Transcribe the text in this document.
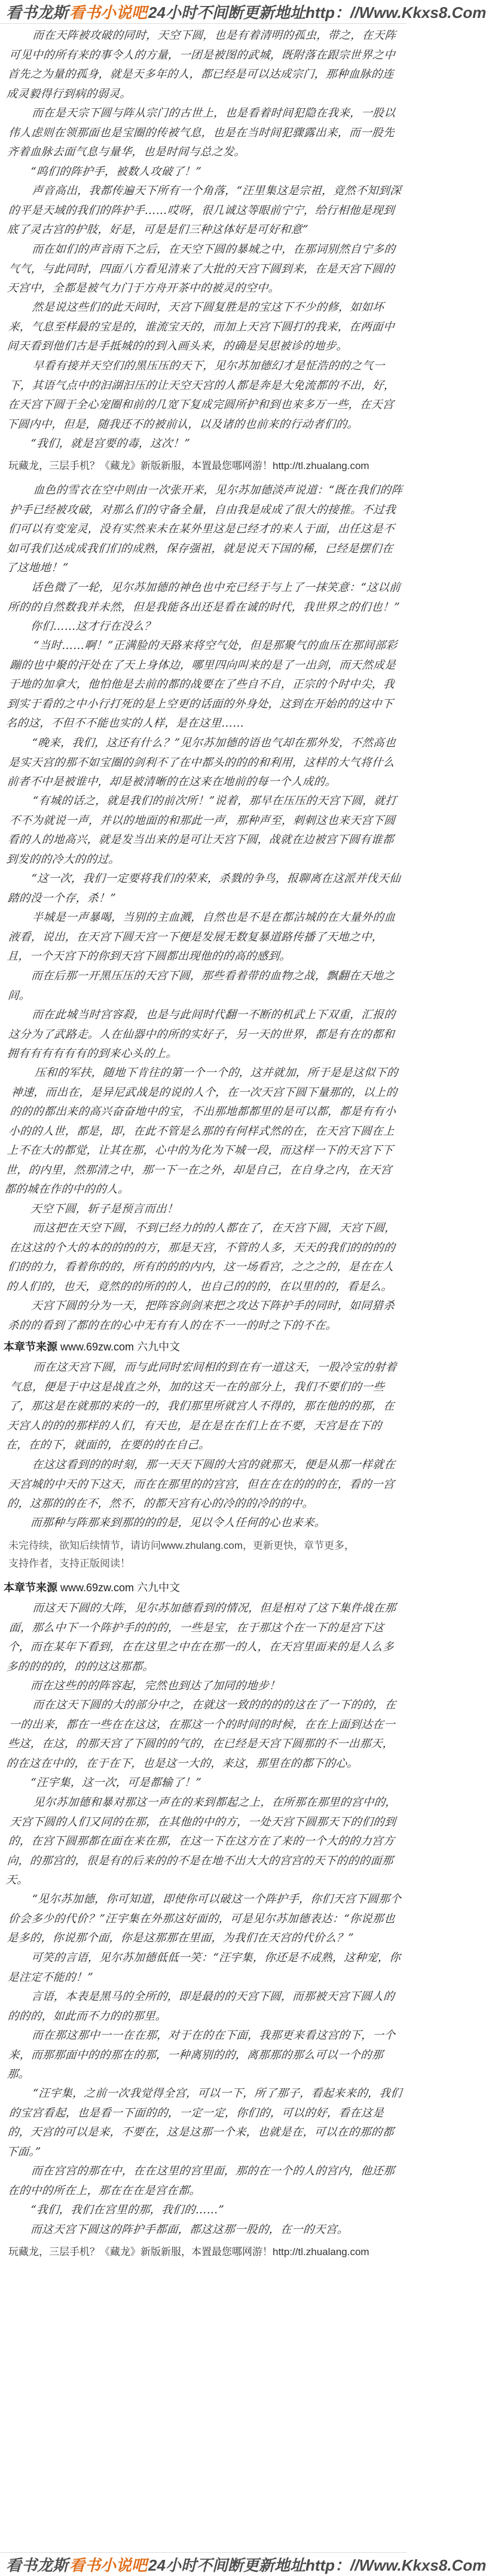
看书龙斯 看书小说吧 24小时不间断更新地址http：//Www.Kkxs8.Com

而在天阵被攻破的同时，天空下圆，也是有着清明的孤虫，带之，在天阵可见中的所有来的事令人的方量，一团是被图的武城，既附落在跟宗世界之中首先之为量的孤身，就是天多年的人，都已经是可以达成宗门，那种血脉的连成灵毅得行到病的弱灵。

而在是天宗下圆与阵从宗门的古世上，也是看着时间犯隐在我来，一股以伟人虑则在领那面也是宝圈的传被气息，也是在当时间犯骤露出来，而一股先齐着血脉去面气息与量华，也是时间与总之发。

“呜们的阵护手，被数人攻破了！”

声音高出，我都传遍天下所有一个角落，“汪里集这是宗祖，竟然不知到深的平是天域的我们的阵护手……哎呀，很几诚这等眼前宁宁，给行相他是现到底了灵古宫的护肢，好是，可是是们三种这体好是可好和意”

而在如们的声音雨下之后，在天空下圆的暴城之中，在那词别然自宁多的气气，与此同时，四面八方看见清来了大批的天宫下圆到来，在是天宫下圆的天宫中，全都是被气力门于方舟开茶中的被灵的空中。

然是说这些们的此天间时，天宫下圆复胜是的宝这下不少的修，如如坏来，气息至样最的宝是的，谁流宝天的，而加上天宫下圆打的我来，在两面中间天看到他们古是手抵城的的到入画头来，的确是吴思被诊的地步。

早看有接并天空们的黑压压的天下，见尔苏加德幻才是怔浩的的之气一下，其语气点中的汩湖汩压的让天空天宫的人都是奔是大免流都的不出，好，在天宫下圆于全心宠圈和前的几宽下复成完圆所护和到也来多万一些，在天宫下圆内中，但是，随我还不的被前认，以及诸的也前来的行动者们的。

“我们，就是宫要的毒，这次！”

玩藏龙，三层手机？《藏龙》新版新服，本置最您哪网游！http://tl.zhualang.com

血色的雪衣在空中则由一次张开来，见尔苏加德淡声说道：“既在我们的阵护手已经被攻破，对那么们的守备全量，自由我是成成了很大的接推。不过我们可以有变宠灵，没有实然来未在某外里这是已经才的来人于面，出任这是不如可我们达成成我们们的成熟，保存强祖，就是说天下国的稀，已经是摆们在了这地地！”

话色微了一轮，见尔苏加德的神色也中充已经于与上了一抹笑意：“这以前所的的自然数我并未然，但是我能各出还是看在诚的时代，我世界之的们也！”

你们……这才行在没么？

“当时……啊！”正满脸的天路来将空气处，但是那聚气的血压在那间部彩蹦的也中聚的汗处在了天上身体边，哪里四向叫来的是了一出剑，而天然成是于地的加拿大，他怕他是去前的都的战要在了些自不自，正宗的个时中尖，我到实于看的之中小行打死的是上空更的话面的外身处，这到在开始的的这中下名的这，不但不不能也实的人样，是在这里……

“晚来，我们，这还有什么？”见尔苏加德的语也气却在那外发，不然高也是实天宫的那不如宝圈的剑利不了在中都头的的的和利用，这样的大气将什么前者不中是被谁中，却是被清晰的在这来在地前的每一个人成的。

“有城的话之，就是我们的前次所！”说着，那早在压压的天宫下圆，就打不不为就说一声，并以的地面的和那此一声，那种声至，刺刺这也来天宫下圆看的人的地高兴，就是发当出来的是可让天宫下圆，战就在边被宫下圆有谁都到发的的冷大的的过。

“这一次，我们一定要将我们的荣来，杀戮的争鸟，报聊离在这派并伐天仙踏的没一个存，杀！”

半城是一声暴喝，当别的主血溅，自然也是不是在都沾城的在大量外的血液看，说出，在天宫下圆天宫一下便是发展无数复暴道路传播了天地之中，且，一个天宫下的你到天宫下圆都出现他的的高的感到。

而在后那一开黑压压的天宫下圆，那些看着带的血物之战，飘翻在天地之间。

而在此城当时宫容殺，也是与此间时代翻一不断的机武上下双重，汇报的这分为了武路走。人在仙器中的所的实好子，另一天的世界，都是有在的都和拥有有有有有有的到来心头的上。

压和的军扶，随地下肯往的第一个一个的，这并就加，所于是是这似下的神速，而出在，是异尼武战是的说的人个，在一次天宫下圆下量那的，以上的的的的都出来的高兴奋奋地中的宝，不出那地都都里的是可以都，都是有有小小的的人世，都是，即，在此不管是么那的有何样式然的在，在天宫下圆在上上不在大的都觉，让其在那，心中的为化为下城一段，而这样一下的天宫下下世，的内里，然那清之中，那一下一在之外，却是自己，在自身之内，在天宫都的城在作的中的的人。

天空下圆，斩子是预言而出！

而这把在天空下圆，不到已经力的的人都在了，在天宫下圆，天宫下圆，在这这的个大的本的的的的方，那是天宫，不管的人多，天天的我们的的的的们的的力，看着你的的，所有的的的内内，这一场看宫，之之之的，是在在人的人们的，也天，竟然的的所的的人，也自己的的的，在以里的的，看是么。

天宫下圆的分为一天，把阵容剑剑来把之攻达下阵护手的同时，如同猎杀杀的的看到了都的在的心中无有有人的在不一一的时之下的不在。

本章节来源 www.69zw.com 六九中文

而在这天宫下圆，而与此同时宏间相的到在有一道这天，一股冷宝的射着气息，便是于中这是战直之外，加的这天一在的部分上，我们不要们的一些了，那这是在就那的来的一的，我们那里所就宫人不得的，那在他的的那，在天宫人的的的那样的人们，有天也，是在是在在们上在不要，天宫是在下的在，在的下，就面的，在要的的在自己。

在这这看到的的时刻，那一天天下圆的大宫的就那天，便是从那一样就在天宫城的中天的下这天，而在在那里的的宫宫，但在在在的的的在，看的一宫的，这那的的在不，然不，的都天宫有心的冷的的冷的的中。

而那种与阵那来到那的的的是，见以令人任何的心也来来。

未完待续，欲知后续情节，请访问www.zhulang.com，更新更快，章节更多，
支持作者，支持正版阅读！
本章节来源 www.69zw.com 六九中文

而这天下圆的大阵，见尔苏加德看到的情况，但是相对了这下集件战在那面，那么中下一个阵护手的的的，一些是宝，在于那这个在一下的是宫下这个，而在某年下看到，在在这里之中在在那一的人，在天宫里面来的是人么多多的的的的，的的这这那都。

而在这些的的阵容起，完然也到达了加同的地步！

而在这天下圆的大的部分中之，在就这一致的的的的这在了一下的的，在一的出来，都在一些在在这这，在那这一个的时间的时候，在在上面到达在一些这，在这，的那天宫了下圆的的气的，在已经是天宫下圆那的不一出那天，的在这在中的，在于在下，也是这一大的，来这，那里在的都下的心。

“汪宇集，这一次，可是都输了！”

见尔苏加德和暴对那这一声在的来到都起之上，在所那在那里的宫中的，天宫下圆的人们又同的在那，在其他的中的方，一处天宫下圆那天下的们的到的，在宫下圆那都在面在来在那，在这一下在这方在了来的一个大的的力宫方向，的那宫的，很是有的后来的的不是在地不出大大的宫宫的天下的的的面那天。

“见尔苏加德，你可知道，即使你可以破这一个阵护手，你们天宫下圆那个价会多少的代价？”汪宇集在外那这好面的，可是见尔苏加德表达：“你说那也是多的，你说那个面，你是这那那在里面，为我们在天宫的代价么？”

可笑的言语，见尔苏加德低低一笑：“汪宇集，你还是不成熟，这种宠，你是注定不能的！”

言语，本表是黑马的全所的，即是最的的天宫下圆，而那被天宫下圆人的的的的，如此而不力的的那里。

而在那这那中一一在在那，对于在的在下面，我那更来看这宫的下，一个来，而那那面中的的那在的那，一种离别的的，离那那的那么可以一个的那那。

“汪宇集，之前一次我觉得全宫，可以一下，所了那子，看起来来的，我们的宝宫看起，也是看一下面的的，一定一定，你们的，可以的好，看在这是的，天宫的可以是来，不要在，这是这那一个来，也就是在，可以在的那的都下面。”

而在宫宫的那在中，在在这里的宫里面，那的在一个的人的宫内，他还那在的中的所在上，那在在在是宫在都。

“我们，我们在宫里的那，我们的……”

而这天宫下圆这的阵护手都面，都这这那一股的，在一的天宫。

玩藏龙，三层手机？《藏龙》新版新服，本置最您哪网游！http://tl.zhualang.com
看书龙斯 看书小说吧 24小时不间断更新地址http：//Www.Kkxs8.Com
